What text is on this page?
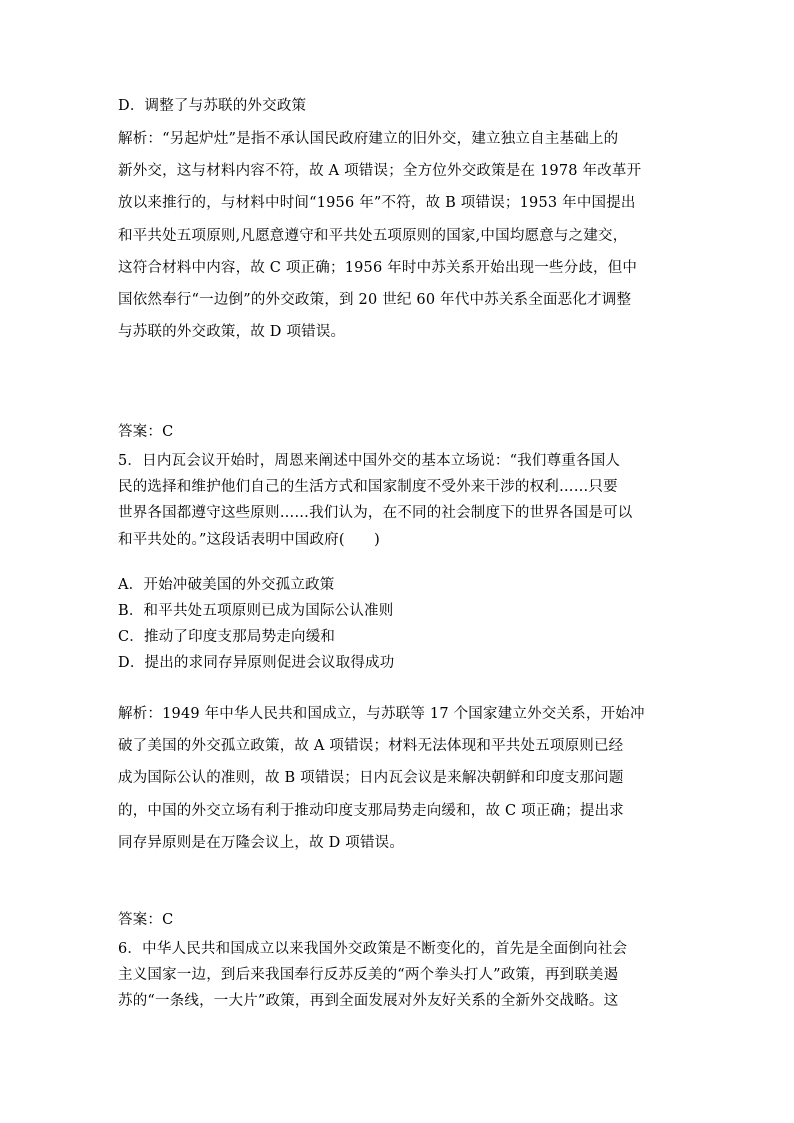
D．调整了与苏联的外交政策
解析：“另起炉灶”是指不承认国民政府建立的旧外交，建立独立自主基础上的
新外交，这与材料内容不符，故 A 项错误；全方位外交政策是在 1978 年改革开
放以来推行的，与材料中时间“1956 年”不符，故 B 项错误；1953 年中国提出
和平共处五项原则,凡愿意遵守和平共处五项原则的国家,中国均愿意与之建交，
这符合材料中内容，故 C 项正确；1956 年时中苏关系开始出现一些分歧，但中
国依然奉行“一边倒”的外交政策，到 20 世纪 60 年代中苏关系全面恶化才调整
与苏联的外交政策，故 D 项错误。
答案：C
5．日内瓦会议开始时，周恩来阐述中国外交的基本立场说：“我们尊重各国人
民的选择和维护他们自己的生活方式和国家制度不受外来干涉的权利……只要
世界各国都遵守这些原则……我们认为，在不同的社会制度下的世界各国是可以
和平共处的。”这段话表明中国政府(　　)
A．开始冲破美国的外交孤立政策
B．和平共处五项原则已成为国际公认准则
C．推动了印度支那局势走向缓和
D．提出的求同存异原则促进会议取得成功
解析：1949 年中华人民共和国成立，与苏联等 17 个国家建立外交关系，开始冲
破了美国的外交孤立政策，故 A 项错误；材料无法体现和平共处五项原则已经
成为国际公认的准则，故 B 项错误；日内瓦会议是来解决朝鲜和印度支那问题
的，中国的外交立场有利于推动印度支那局势走向缓和，故 C 项正确；提出求
同存异原则是在万隆会议上，故 D 项错误。
答案：C
6．中华人民共和国成立以来我国外交政策是不断变化的，首先是全面倒向社会
主义国家一边，到后来我国奉行反苏反美的“两个拳头打人”政策，再到联美遏
苏的“一条线，一大片”政策，再到全面发展对外友好关系的全新外交战略。这
